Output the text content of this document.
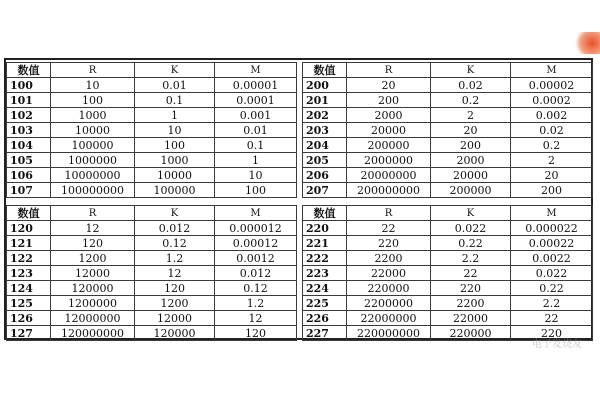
数值	R	K	M
100	10	0.01	0.00001
101	100	0.1	0.0001
102	1000	1	0.001
103	10000	10	0.01
104	100000	100	0.1
105	1000000	1000	1
106	10000000	10000	10
107	100000000	100000	100
数值	R	K	M
200	20	0.02	0.00002
201	200	0.2	0.0002
202	2000	2	0.002
203	20000	20	0.02
204	200000	200	0.2
205	2000000	2000	2
206	20000000	20000	20
207	200000000	200000	200
数值	R	K	M
120	12	0.012	0.000012
121	120	0.12	0.00012
122	1200	1.2	0.0012
123	12000	12	0.012
124	120000	120	0.12
125	1200000	1200	1.2
126	12000000	12000	12
127	120000000	120000	120
数值	R	K	M
220	22	0.022	0.000022
221	220	0.22	0.00022
222	2200	2.2	0.0022
223	22000	22	0.022
224	220000	220	0.22
225	2200000	2200	2.2
226	22000000	22000	22
227	220000000	220000	220
电子发烧友
